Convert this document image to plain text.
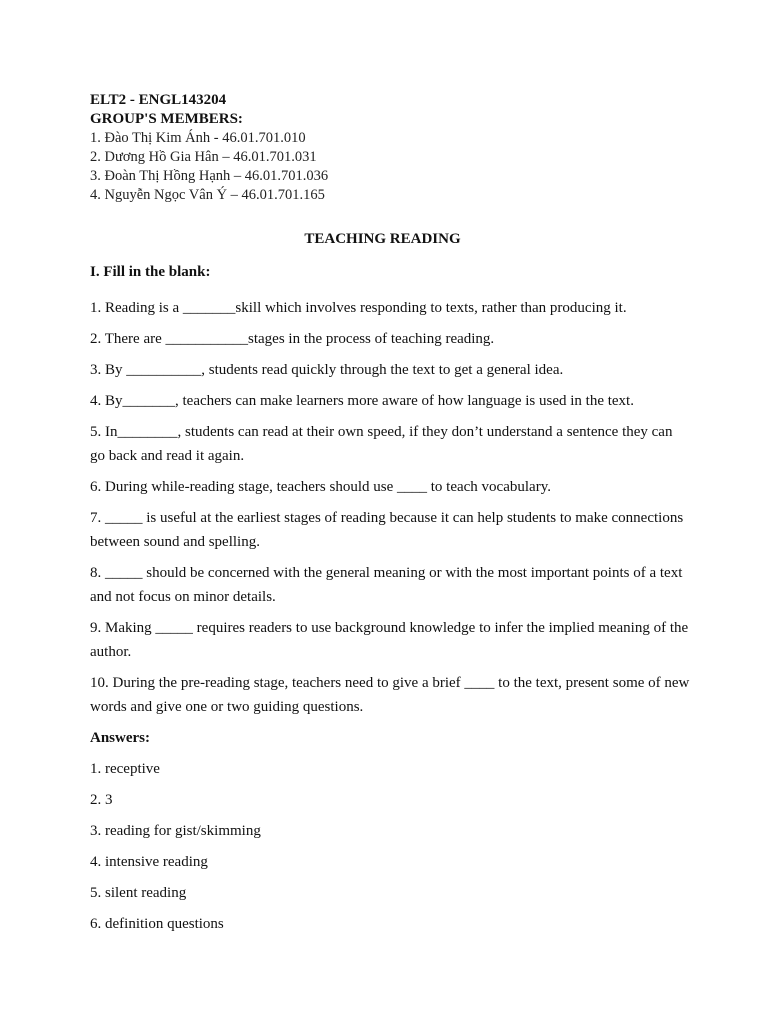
ELT2 - ENGL143204

GROUP'S MEMBERS:

1. Đào Thị Kim Ánh - 46.01.701.010

2. Dương Hồ Gia Hân – 46.01.701.031

3. Đoàn Thị Hồng Hạnh – 46.01.701.036

4. Nguyễn Ngọc Vân Ý – 46.01.701.165

TEACHING READING

I. Fill in the blank:

1. Reading is a _______skill which involves responding to texts, rather than producing it.

2. There are ___________stages in the process of teaching reading.

3. By __________, students read quickly through the text to get a general idea.

4. By_______, teachers can make learners more aware of how language is used in the text.

5. In________, students can read at their own speed, if they don’t understand a sentence they can go back and read it again.

6. During while-reading stage, teachers should use ____ to teach vocabulary.

7. _____ is useful at the earliest stages of reading because it can help students to make connections between sound and spelling.

8. _____ should be concerned with the general meaning or with the most important points of a text and not focus on minor details.

9. Making _____ requires readers to use background knowledge to infer the implied meaning of the author.

10. During the pre-reading stage, teachers need to give a brief ____ to the text, present some of new words and give one or two guiding questions.

Answers:

1. receptive

2. 3

3. reading for gist/skimming

4. intensive reading

5. silent reading

6. definition questions
